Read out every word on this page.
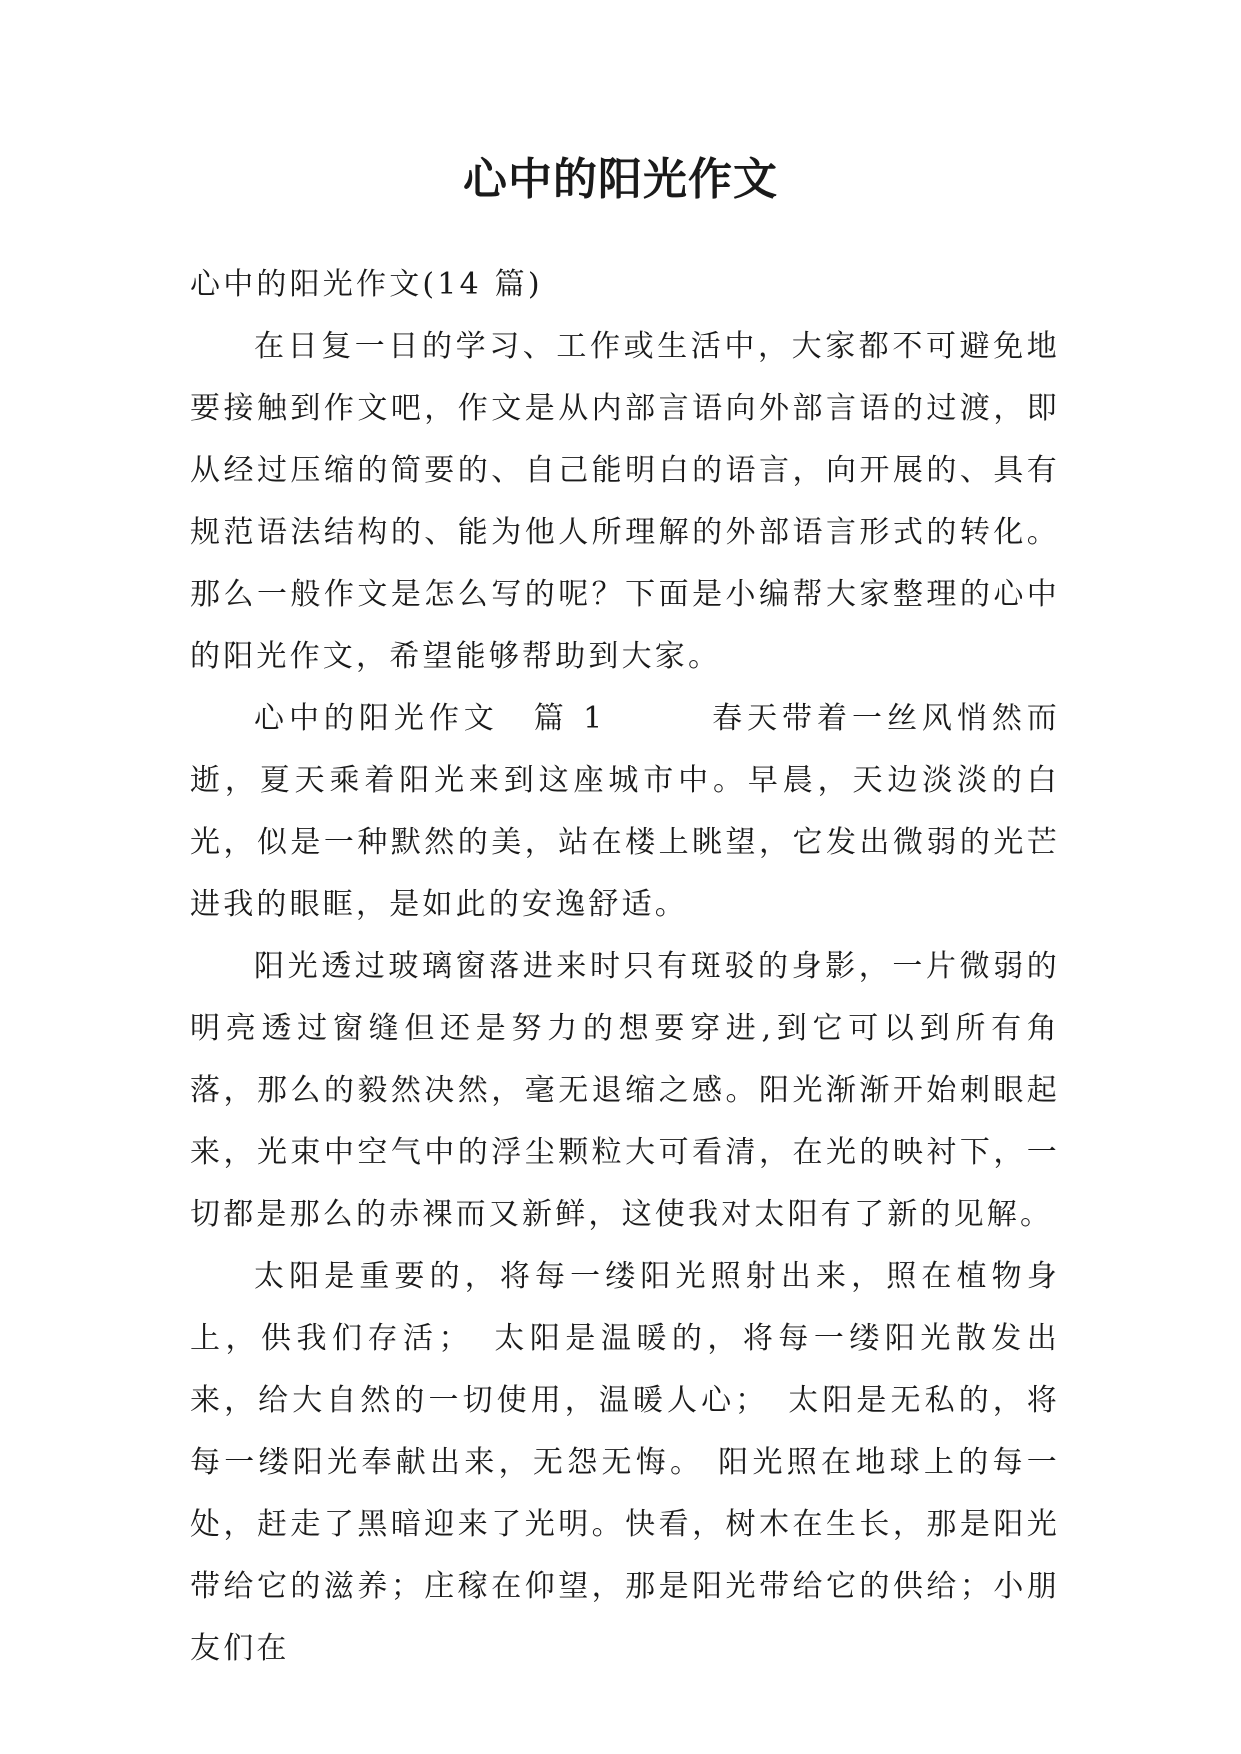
心中的阳光作文

心中的阳光作文(14 篇)

在日复一日的学习、工作或生活中，大家都不可避免地要接触到作文吧，作文是从内部言语向外部言语的过渡，即从经过压缩的简要的、自己能明白的语言，向开展的、具有规范语法结构的、能为他人所理解的外部语言形式的转化。那么一般作文是怎么写的呢？下面是小编帮大家整理的心中的阳光作文，希望能够帮助到大家。

心中的阳光作文　篇 1　　　春天带着一丝风悄然而逝，夏天乘着阳光来到这座城市中。早晨，天边淡淡的白光，似是一种默然的美，站在楼上眺望，它发出微弱的光芒进我的眼眶，是如此的安逸舒适。

阳光透过玻璃窗落进来时只有斑驳的身影，一片微弱的明亮透过窗缝但还是努力的想要穿进,到它可以到所有角落，那么的毅然决然，毫无退缩之感。阳光渐渐开始刺眼起来，光束中空气中的浮尘颗粒大可看清，在光的映衬下，一切都是那么的赤裸而又新鲜，这使我对太阳有了新的见解。

太阳是重要的，将每一缕阳光照射出来，照在植物身上，供我们存活；　太阳是温暖的，将每一缕阳光散发出来，给大自然的一切使用，温暖人心；　太阳是无私的，将每一缕阳光奉献出来，无怨无悔。 阳光照在地球上的每一处，赶走了黑暗迎来了光明。快看，树木在生长，那是阳光带给它的滋养；庄稼在仰望，那是阳光带给它的供给；小朋友们在
